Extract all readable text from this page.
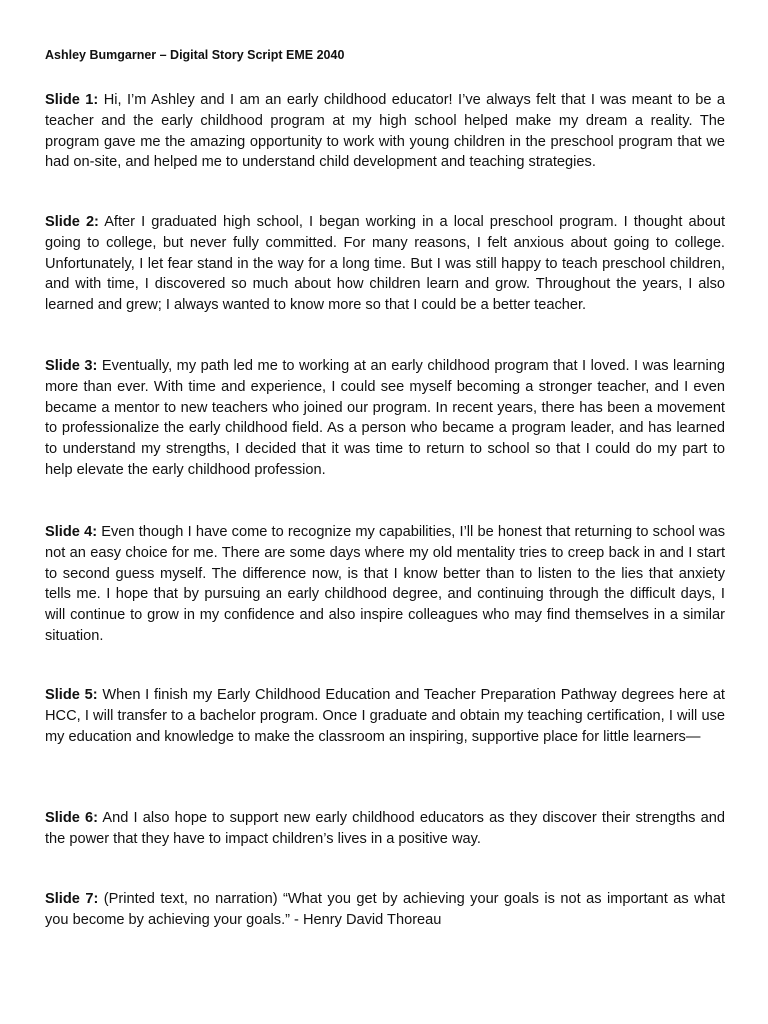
Ashley Bumgarner – Digital Story Script EME 2040

Slide 1: Hi, I’m Ashley and I am an early childhood educator! I’ve always felt that I was meant to be a teacher and the early childhood program at my high school helped make my dream a reality. The program gave me the amazing opportunity to work with young children in the preschool program that we had on-site, and helped me to understand child development and teaching strategies.

Slide 2: After I graduated high school, I began working in a local preschool program. I thought about going to college, but never fully committed. For many reasons, I felt anxious about going to college. Unfortunately, I let fear stand in the way for a long time. But I was still happy to teach preschool children, and with time, I discovered so much about how children learn and grow. Throughout the years, I also learned and grew; I always wanted to know more so that I could be a better teacher.

Slide 3: Eventually, my path led me to working at an early childhood program that I loved. I was learning more than ever. With time and experience, I could see myself becoming a stronger teacher, and I even became a mentor to new teachers who joined our program. In recent years, there has been a movement to professionalize the early childhood field. As a person who became a program leader, and has learned to understand my strengths, I decided that it was time to return to school so that I could do my part to help elevate the early childhood profession.

Slide 4: Even though I have come to recognize my capabilities, I’ll be honest that returning to school was not an easy choice for me. There are some days where my old mentality tries to creep back in and I start to second guess myself. The difference now, is that I know better than to listen to the lies that anxiety tells me. I hope that by pursuing an early childhood degree, and continuing through the difficult days, I will continue to grow in my confidence and also inspire colleagues who may find themselves in a similar situation.

Slide 5: When I finish my Early Childhood Education and Teacher Preparation Pathway degrees here at HCC, I will transfer to a bachelor program. Once I graduate and obtain my teaching certification, I will use my education and knowledge to make the classroom an inspiring, supportive place for little learners—

Slide 6: And I also hope to support new early childhood educators as they discover their strengths and the power that they have to impact children’s lives in a positive way.

Slide 7: (Printed text, no narration) “What you get by achieving your goals is not as important as what you become by achieving your goals.” - Henry David Thoreau
